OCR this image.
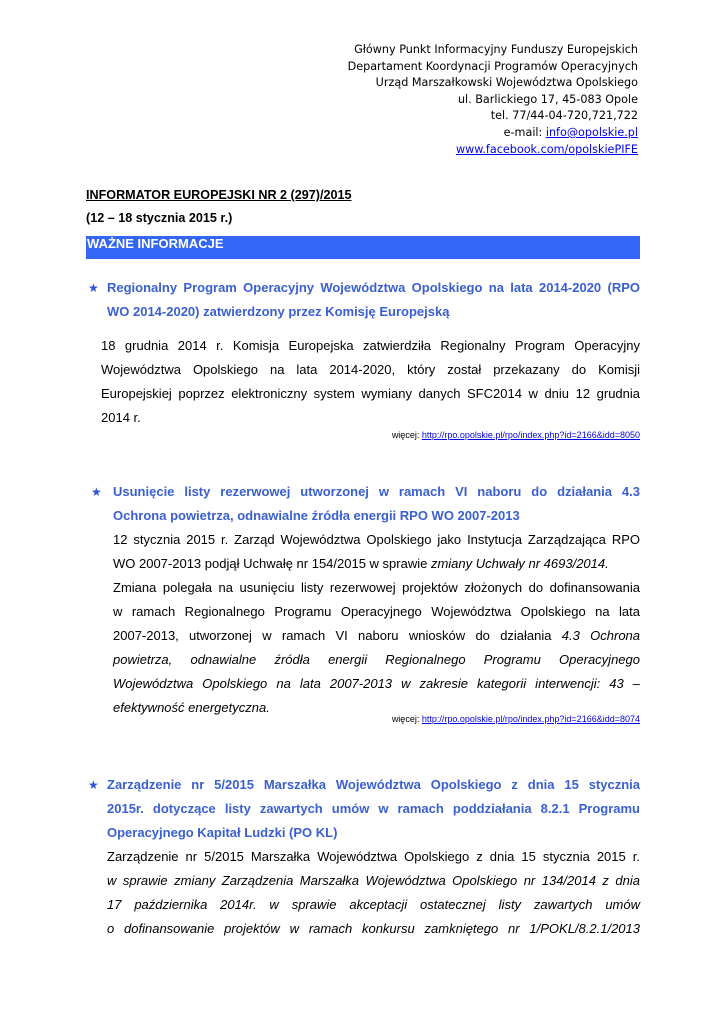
Główny Punkt Informacyjny Funduszy Europejskich
Departament Koordynacji Programów Operacyjnych
Urząd Marszałkowski Województwa Opolskiego
ul. Barlickiego 17, 45-083 Opole
tel. 77/44-04-720,721,722
e-mail: info@opolskie.pl
www.facebook.com/opolskiePIFE
INFORMATOR EUROPEJSKI NR 2 (297)/2015
(12 – 18 stycznia 2015 r.)
WAŻNE INFORMACJE
★ Regionalny Program Operacyjny Województwa Opolskiego na lata 2014-2020 (RPO
WO 2014-2020) zatwierdzony przez Komisję Europejską
18 grudnia 2014 r. Komisja Europejska zatwierdziła Regionalny Program Operacyjny
Województwa Opolskiego na lata 2014-2020, który został przekazany do Komisji
Europejskiej poprzez elektroniczny system wymiany danych SFC2014 w dniu 12 grudnia
2014 r.
więcej: http://rpo.opolskie.pl/rpo/index.php?id=2166&idd=8050
★ Usunięcie listy rezerwowej utworzonej w ramach VI naboru do działania 4.3
Ochrona powietrza, odnawialne źródła energii RPO WO 2007-2013
12 stycznia 2015 r. Zarząd Województwa Opolskiego jako Instytucja Zarządzająca RPO
WO 2007-2013 podjął Uchwałę nr 154/2015 w sprawie zmiany Uchwały nr 4693/2014.
Zmiana polegała na usunięciu listy rezerwowej projektów złożonych do dofinansowania
w ramach Regionalnego Programu Operacyjnego Województwa Opolskiego na lata
2007-2013, utworzonej w ramach VI naboru wniosków do działania 4.3 Ochrona
powietrza, odnawialne źródła energii Regionalnego Programu Operacyjnego
Województwa Opolskiego na lata 2007-2013 w zakresie kategorii interwencji: 43 –
efektywność energetyczna.
więcej: http://rpo.opolskie.pl/rpo/index.php?id=2166&idd=8074
★ Zarządzenie nr 5/2015 Marszałka Województwa Opolskiego z dnia 15 stycznia
2015r. dotyczące listy zawartych umów w ramach poddziałania 8.2.1 Programu
Operacyjnego Kapitał Ludzki (PO KL)
Zarządzenie nr 5/2015 Marszałka Województwa Opolskiego z dnia 15 stycznia 2015 r.
w sprawie zmiany Zarządzenia Marszałka Województwa Opolskiego nr 134/2014 z dnia
17 października 2014r. w sprawie akceptacji ostatecznej listy zawartych umów
o dofinansowanie projektów w ramach konkursu zamkniętego nr 1/POKL/8.2.1/2013
